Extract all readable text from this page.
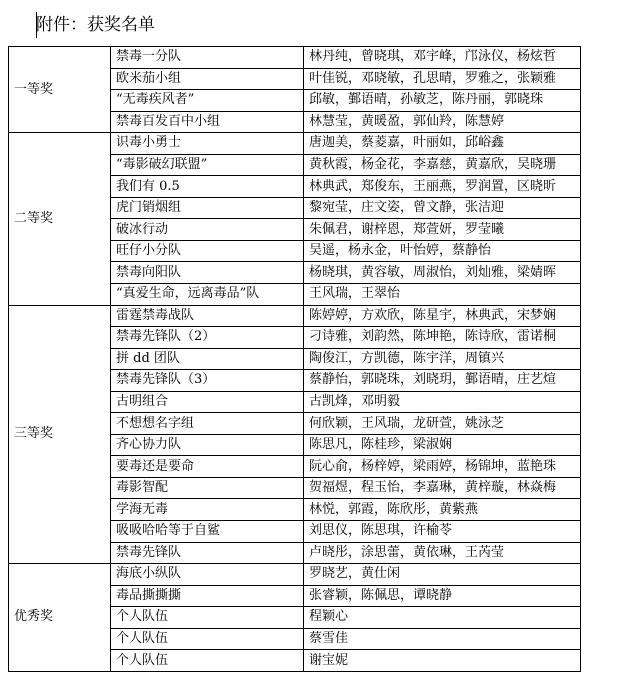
附件：获奖名单
一等奖	禁毒一分队	林丹纯，曾晓琪，邓宇峰，邝泳仪，杨炫哲
	欧米茄小组	叶佳锐，邓晓敏，孔思晴，罗雅之，张颖雅
	“无毒疾风者”	邱敏，鄞语晴，孙敏芝，陈丹丽，郭晓珠
	禁毒百发百中小组	林慧莹，黄暖盈，郭仙羚，陈慧婷
二等奖	识毒小勇士	唐迦美，蔡菱嘉，叶丽如，邱峪鑫
	“毒影破幻联盟”	黄秋霞，杨金花，李嘉慈，黄嘉欣，吴晓珊
	我们有 0.5	林典武，郑俊东，王丽燕，罗润置，区晓昕
	虎门销烟组	黎宛莹，庄文姿，曾文静，张洁迎
	破冰行动	朱佩君，谢梓恩，郑萱妍，罗莹曦
	旺仔小分队	吴遥，杨永金，叶怡婷，蔡静怡
	禁毒向阳队	杨晓琪，黄容敏，周淑怡，刘灿雅，梁婧晖
	“真爱生命，远离毒品”队	王风瑞，王翠怡
三等奖	雷霆禁毒战队	陈婷婷，方欢欣，陈星宇，林典武，宋梦娴
	禁毒先锋队（2）	刁诗雅，刘韵然，陈坤艳，陈诗欣，雷诺桐
	拼 dd 团队	陶俊江，方凯德，陈宇洋，周镇兴
	禁毒先锋队（3）	蔡静怡，郭晓珠，刘晓玥，鄞语晴，庄艺煊
	古明组合	古凯烽，邓明毅
	不想想名字组	何欣颖，王风瑞，龙研萱，姚泳芝
	齐心协力队	陈思凡，陈桂珍，梁淑娴
	要毒还是要命	阮心俞，杨梓婷，梁雨婷，杨锦坤，蓝艳珠
	毒影智配	贺福煜，程玉怡，李嘉琳，黄梓璇，林焱梅
	学海无毒	林悦，郭霞，陈欣彤，黄紫燕
	吸吸哈哈等于自鲨	刘思仪，陈思琪，许榆苓
	禁毒先锋队	卢晓彤，涂思蕾，黄依琳，王芮莹
优秀奖	海底小纵队	罗晓艺，黄仕闲
	毒品撕撕撕	张睿颖，陈佩思，谭晓静
	个人队伍	程颖心
	个人队伍	蔡雪佳
	个人队伍	谢宝妮
